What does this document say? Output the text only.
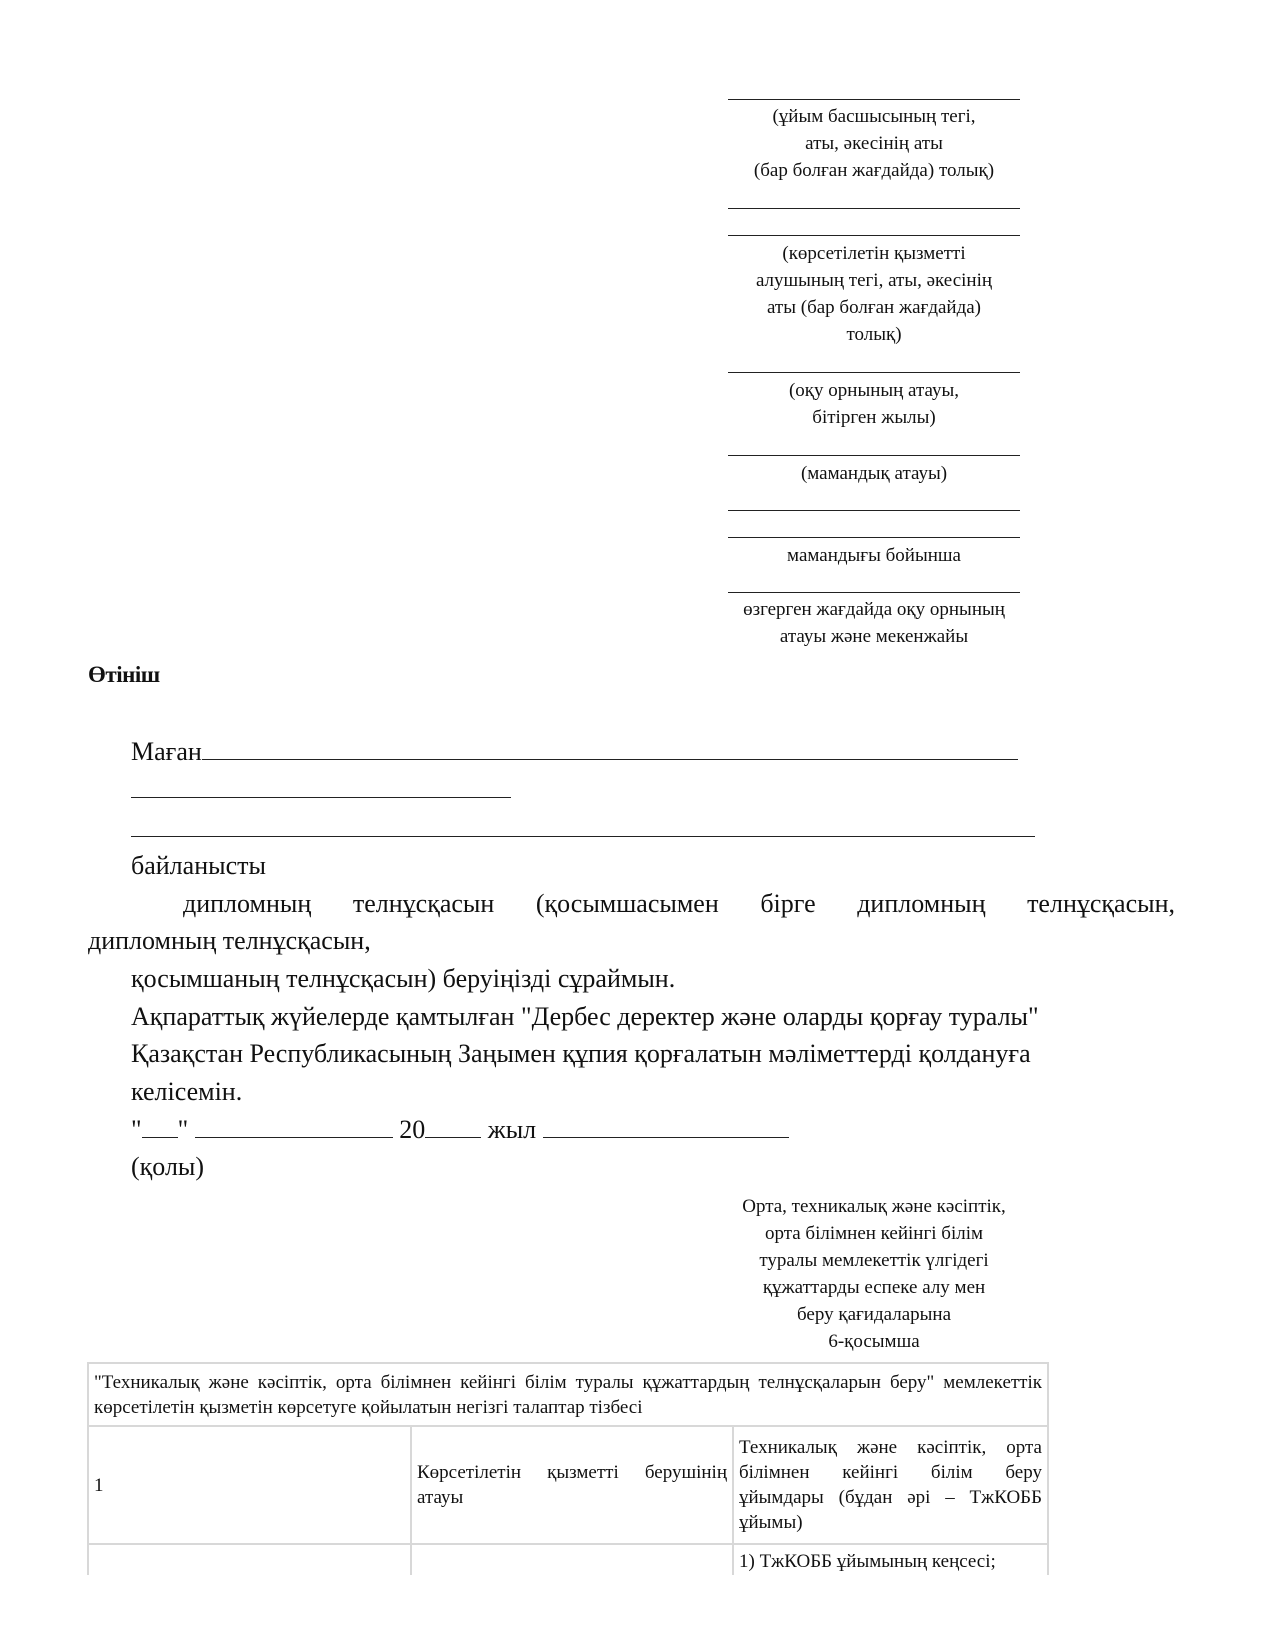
(ұйым басшысының тегі,
аты, әкесінің аты
(бар болған жағдайда) толық)
(көрсетілетін қызметті
алушының тегі, аты, әкесінің
аты (бар болған жағдайда)
толық)
(оқу орнының атауы,
бітірген жылы)
(мамандық атауы)
мамандығы бойынша
өзгерген жағдайда оқу орнының
атауы және мекенжайы
Өтініш
Маған
байланысты
дипломның телнұсқасын (қосымшасымен бірге дипломның телнұсқасын,
дипломның телнұсқасын,
қосымшаның телнұсқасын) беруіңізді сұраймын.
Ақпараттық жүйелерде қамтылған "Дербес деректер және оларды қорғау туралы"
Қазақстан Республикасының Заңымен құпия қорғалатын мәліметтерді қолдануға
келісемін.
" "	20 жыл
(қолы)
Орта, техникалық және кәсіптік,
орта білімнен кейінгі білім
туралы мемлекеттік үлгідегі
құжаттарды еспеке алу мен
беру қағидаларына
6-қосымша
"Техникалық және кәсіптік, орта білімнен кейінгі білім туралы құжаттардың телнұсқаларын беру" мемлекеттік көрсетілетін қызметін көрсетуге қойылатын негізгі талаптар тізбесі		
1	Көрсетілетін қызметті берушінің атауы	Техникалық және кәсіптік, орта білімнен кейінгі білім беру ұйымдары (бұдан әрі – ТжКОББ ұйымы)
		1) ТжКОББ ұйымының кеңсесі;
